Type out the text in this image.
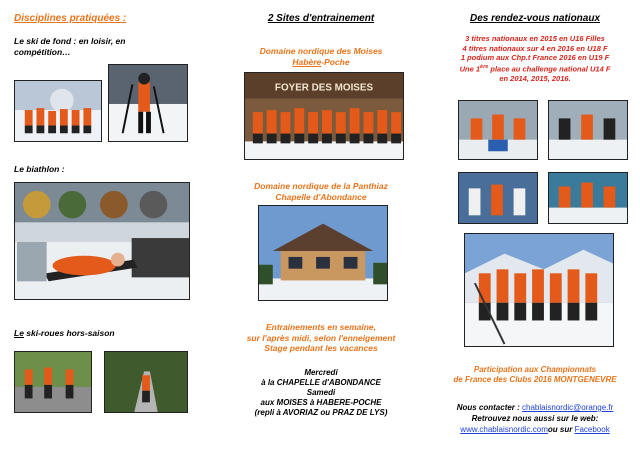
Disciplines pratiquées :
Le ski de fond : en loisir, en compétition…
Le biathlon :
Le ski-roues hors-saison
2 Sites d'entrainement
Domaine nordique des Moises
Habère-Poche
FOYER DES MOISES
Domaine nordique de la Panthiaz
Chapelle d'Abondance
Entrainements en semaine,
sur l'après midi, selon l'enneigement
Stage pendant les vacances
Mercredi
à la CHAPELLE d'ABONDANCE
Samedi
aux MOISES à HABERE-POCHE
(repli à AVORIAZ ou PRAZ DE LYS)
Des rendez-vous nationaux
3 titres nationaux en 2015 en U16 Filles
4 titres nationaux sur 4 en 2016 en U18 F
1 podium aux Chp.t France 2016 en U19 F
Une 1ère place au challenge national U14 F
en 2014, 2015, 2016.
Participation aux Championnats
de France des Clubs 2016 MONTGENEVRE
Nous contacter : chablaisnordic@orange.fr
Retrouvez nous aussi sur le web:
www.chablaisnordic.comou sur Facebook
